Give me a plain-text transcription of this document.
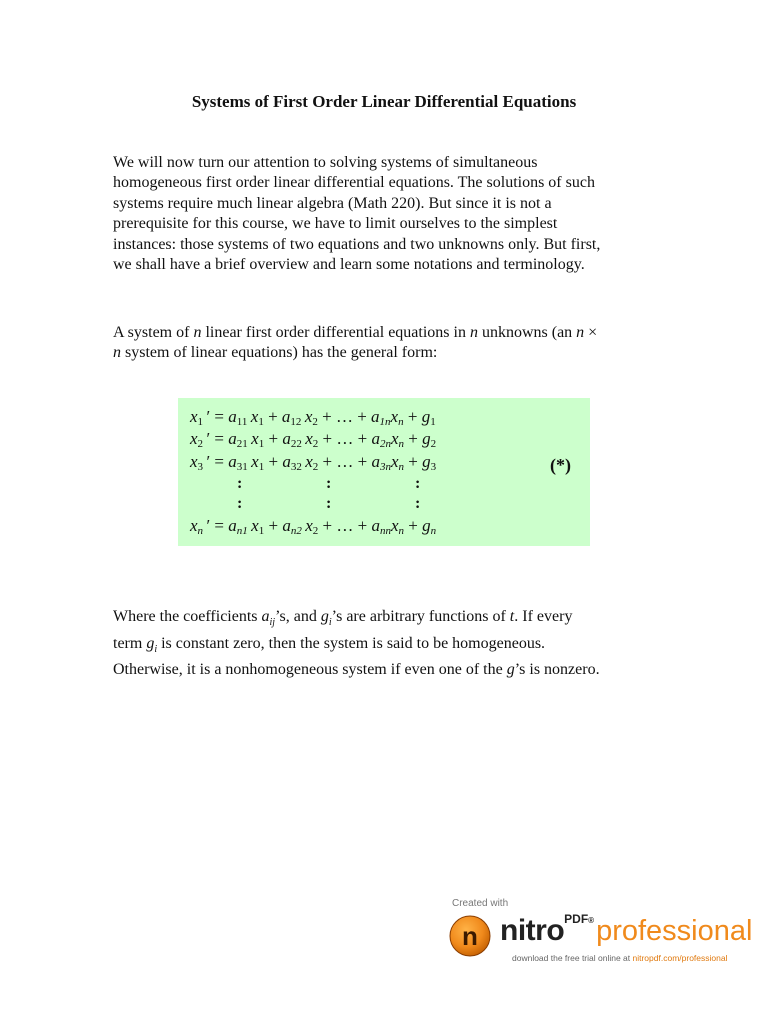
Systems of First Order Linear Differential Equations
We will now turn our attention to solving systems of simultaneous
homogeneous first order linear differential equations. The solutions of such
systems require much linear algebra (Math 220). But since it is not a
prerequisite for this course, we have to limit ourselves to the simplest
instances: those systems of two equations and two unknowns only. But first,
we shall have a brief overview and learn some notations and terminology.
A system of n linear first order differential equations in n unknowns (an n ×
n system of linear equations) has the general form:
$x_1$ ′ = $a_{11}$  $x_1 + a_{12}$  $x_2$ + … + $a_{1n}x_n + g_1$
$x_2$ ′ = $a_{21}$  $x_1 + a_{22}$  $x_2$ + … + $a_{2n}x_n + g_2$
$x_3$ ′ = $a_{31}$  $x_1 + a_{32}$  $x_2$ + … + $a_{3n}x_n + g_3$
:	:	:
:	:	:
$x_n$ ′ = $a_{n1}$  $x_1 + a_{n2}$  $x_2$ + … + $a_{nn}x_n + g_n$
(*)
Where the coefficients $a_{ij}’s$, and $g_i’s$ are arbitrary functions of t. If every
term $g_i$ is constant zero, then the system is said to be homogeneous.
Otherwise, it is a nonhomogeneous system if even one of the g’s is nonzero.
Created with
n nitro$^{PDF®}$professional
download the free trial online at nitropdf.com/professional
